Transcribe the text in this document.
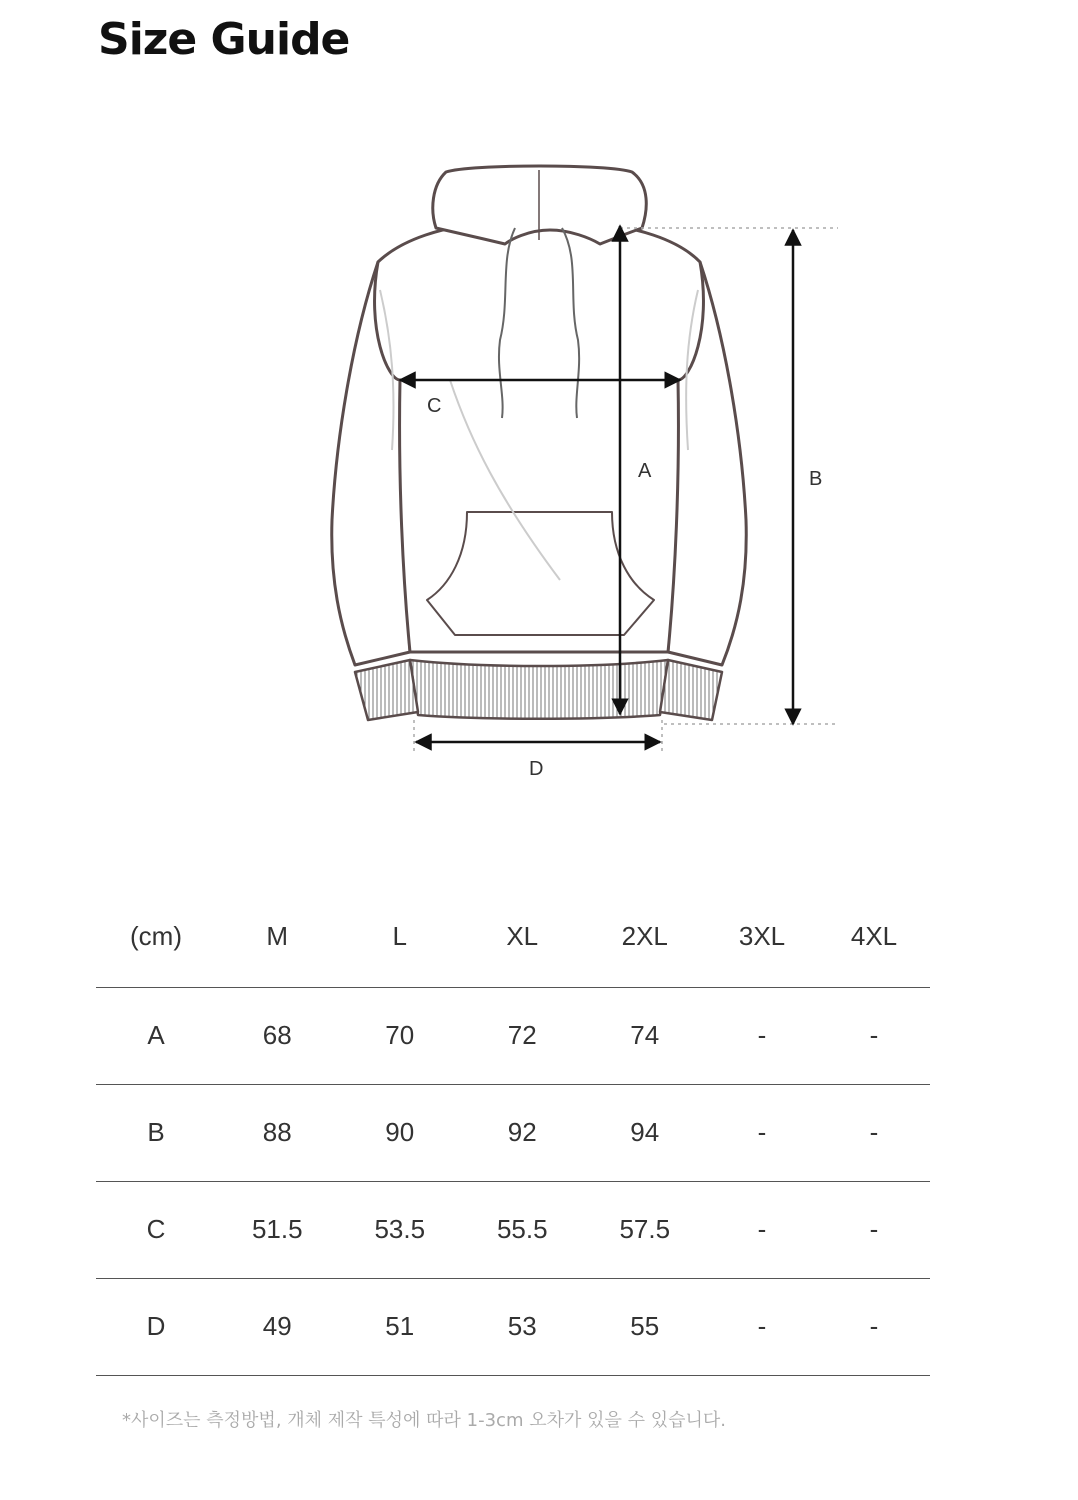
Size Guide
C
A	B
D
(cm)	M	L	XL	2XL	3XL	4XL
A	68	70	72	74	-	-
B	88	90	92	94	-	-
C	51.5	53.5	55.5	57.5	-	-
D	49	51	53	55	-	-
*사이즈는 측정방법, 개체 제작 특성에 따라 1-3cm 오차가 있을 수 있습니다.
